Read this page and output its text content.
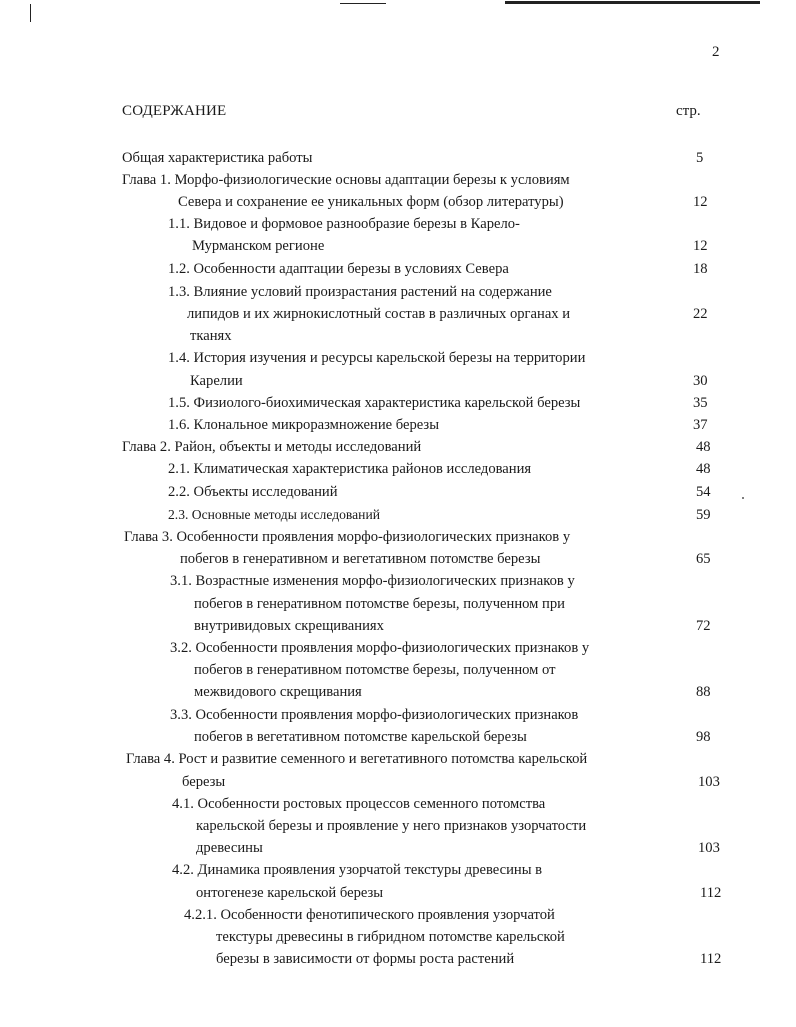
2
СОДЕРЖАНИЕ	стр.
Общая характеристика работы	5
Глава 1. Морфо-физиологические основы адаптации березы к условиям
Севера и сохранение ее уникальных форм (обзор литературы)	12
1.1. Видовое и формовое разнообразие березы в Карело-
Мурманском регионе	12
1.2. Особенности адаптации березы в условиях Севера	18
1.3. Влияние условий произрастания растений на содержание
липидов и их жирнокислотный состав в различных органах и	22
тканях
1.4. История изучения и ресурсы карельской березы на территории
Карелии	30
1.5. Физиолого-биохимическая характеристика карельской березы	35
1.6. Клональное микроразмножение березы	37
Глава 2. Район, объекты и методы исследований	48
2.1. Климатическая характеристика районов исследования	48
2.2. Объекты исследований	54
2.3. Основные методы исследований	59
Глава 3. Особенности проявления морфо-физиологических признаков у
побегов в генеративном и вегетативном потомстве березы	65
3.1. Возрастные изменения морфо-физиологических признаков у
побегов в генеративном потомстве березы, полученном при
внутривидовых скрещиваниях	72
3.2. Особенности проявления морфо-физиологических признаков у
побегов в генеративном потомстве березы, полученном от
межвидового скрещивания	88
3.3. Особенности проявления морфо-физиологических признаков
побегов в вегетативном потомстве карельской березы	98
Глава 4. Рост и развитие семенного и вегетативного потомства карельской
березы	103
4.1. Особенности ростовых процессов семенного потомства
карельской березы и проявление у него признаков узорчатости
древесины	103
4.2. Динамика проявления узорчатой текстуры древесины в
онтогенезе карельской березы	112
4.2.1. Особенности фенотипического проявления узорчатой
текстуры древесины в гибридном потомстве карельской
березы в зависимости от формы роста растений	112
